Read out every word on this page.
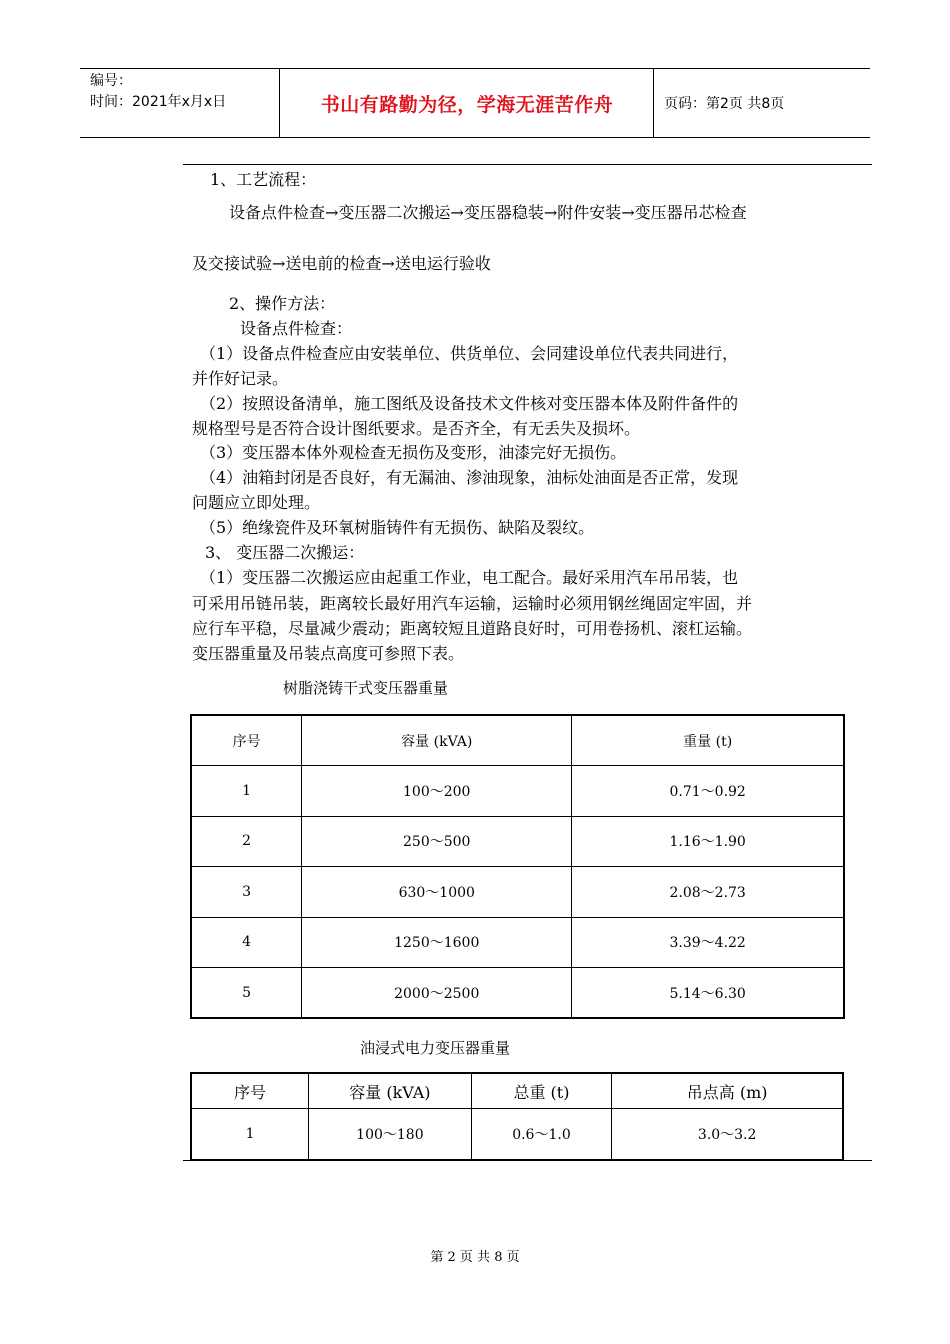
编号：
时间：2021年x月x日	书山有路勤为径，学海无涯苦作舟	页码：第2页 共8页
1、工艺流程：
设备点件检查→变压器二次搬运→变压器稳装→附件安装→变压器吊芯检查
及交接试验→送电前的检查→送电运行验收
2、操作方法：
设备点件检查：
（1）设备点件检查应由安装单位、供货单位、会同建设单位代表共同进行，
并作好记录。
（2）按照设备清单，施工图纸及设备技术文件核对变压器本体及附件备件的
规格型号是否符合设计图纸要求。是否齐全，有无丢失及损坏。
（3）变压器本体外观检查无损伤及变形，油漆完好无损伤。
（4）油箱封闭是否良好，有无漏油、渗油现象，油标处油面是否正常，发现
问题应立即处理。
（5）绝缘瓷件及环氧树脂铸件有无损伤、缺陷及裂纹。
3、 变压器二次搬运：
（1）变压器二次搬运应由起重工作业，电工配合。最好采用汽车吊吊装，也
可采用吊链吊装，距离较长最好用汽车运输，运输时必须用钢丝绳固定牢固，并
应行车平稳，尽量减少震动；距离较短且道路良好时，可用卷扬机、滚杠运输。
变压器重量及吊装点高度可参照下表。
树脂浇铸干式变压器重量
序号	容量 (kVA)	重量 (t)
1	100～200	0.71～0.92
2	250～500	1.16～1.90
3	630～1000	2.08～2.73
4	1250～1600	3.39～4.22
5	2000～2500	5.14～6.30
油浸式电力变压器重量
序号	容量 (kVA)	总重 (t)	吊点高 (m)
1	100～180	0.6～1.0	3.0～3.2
第 2 页 共 8 页
